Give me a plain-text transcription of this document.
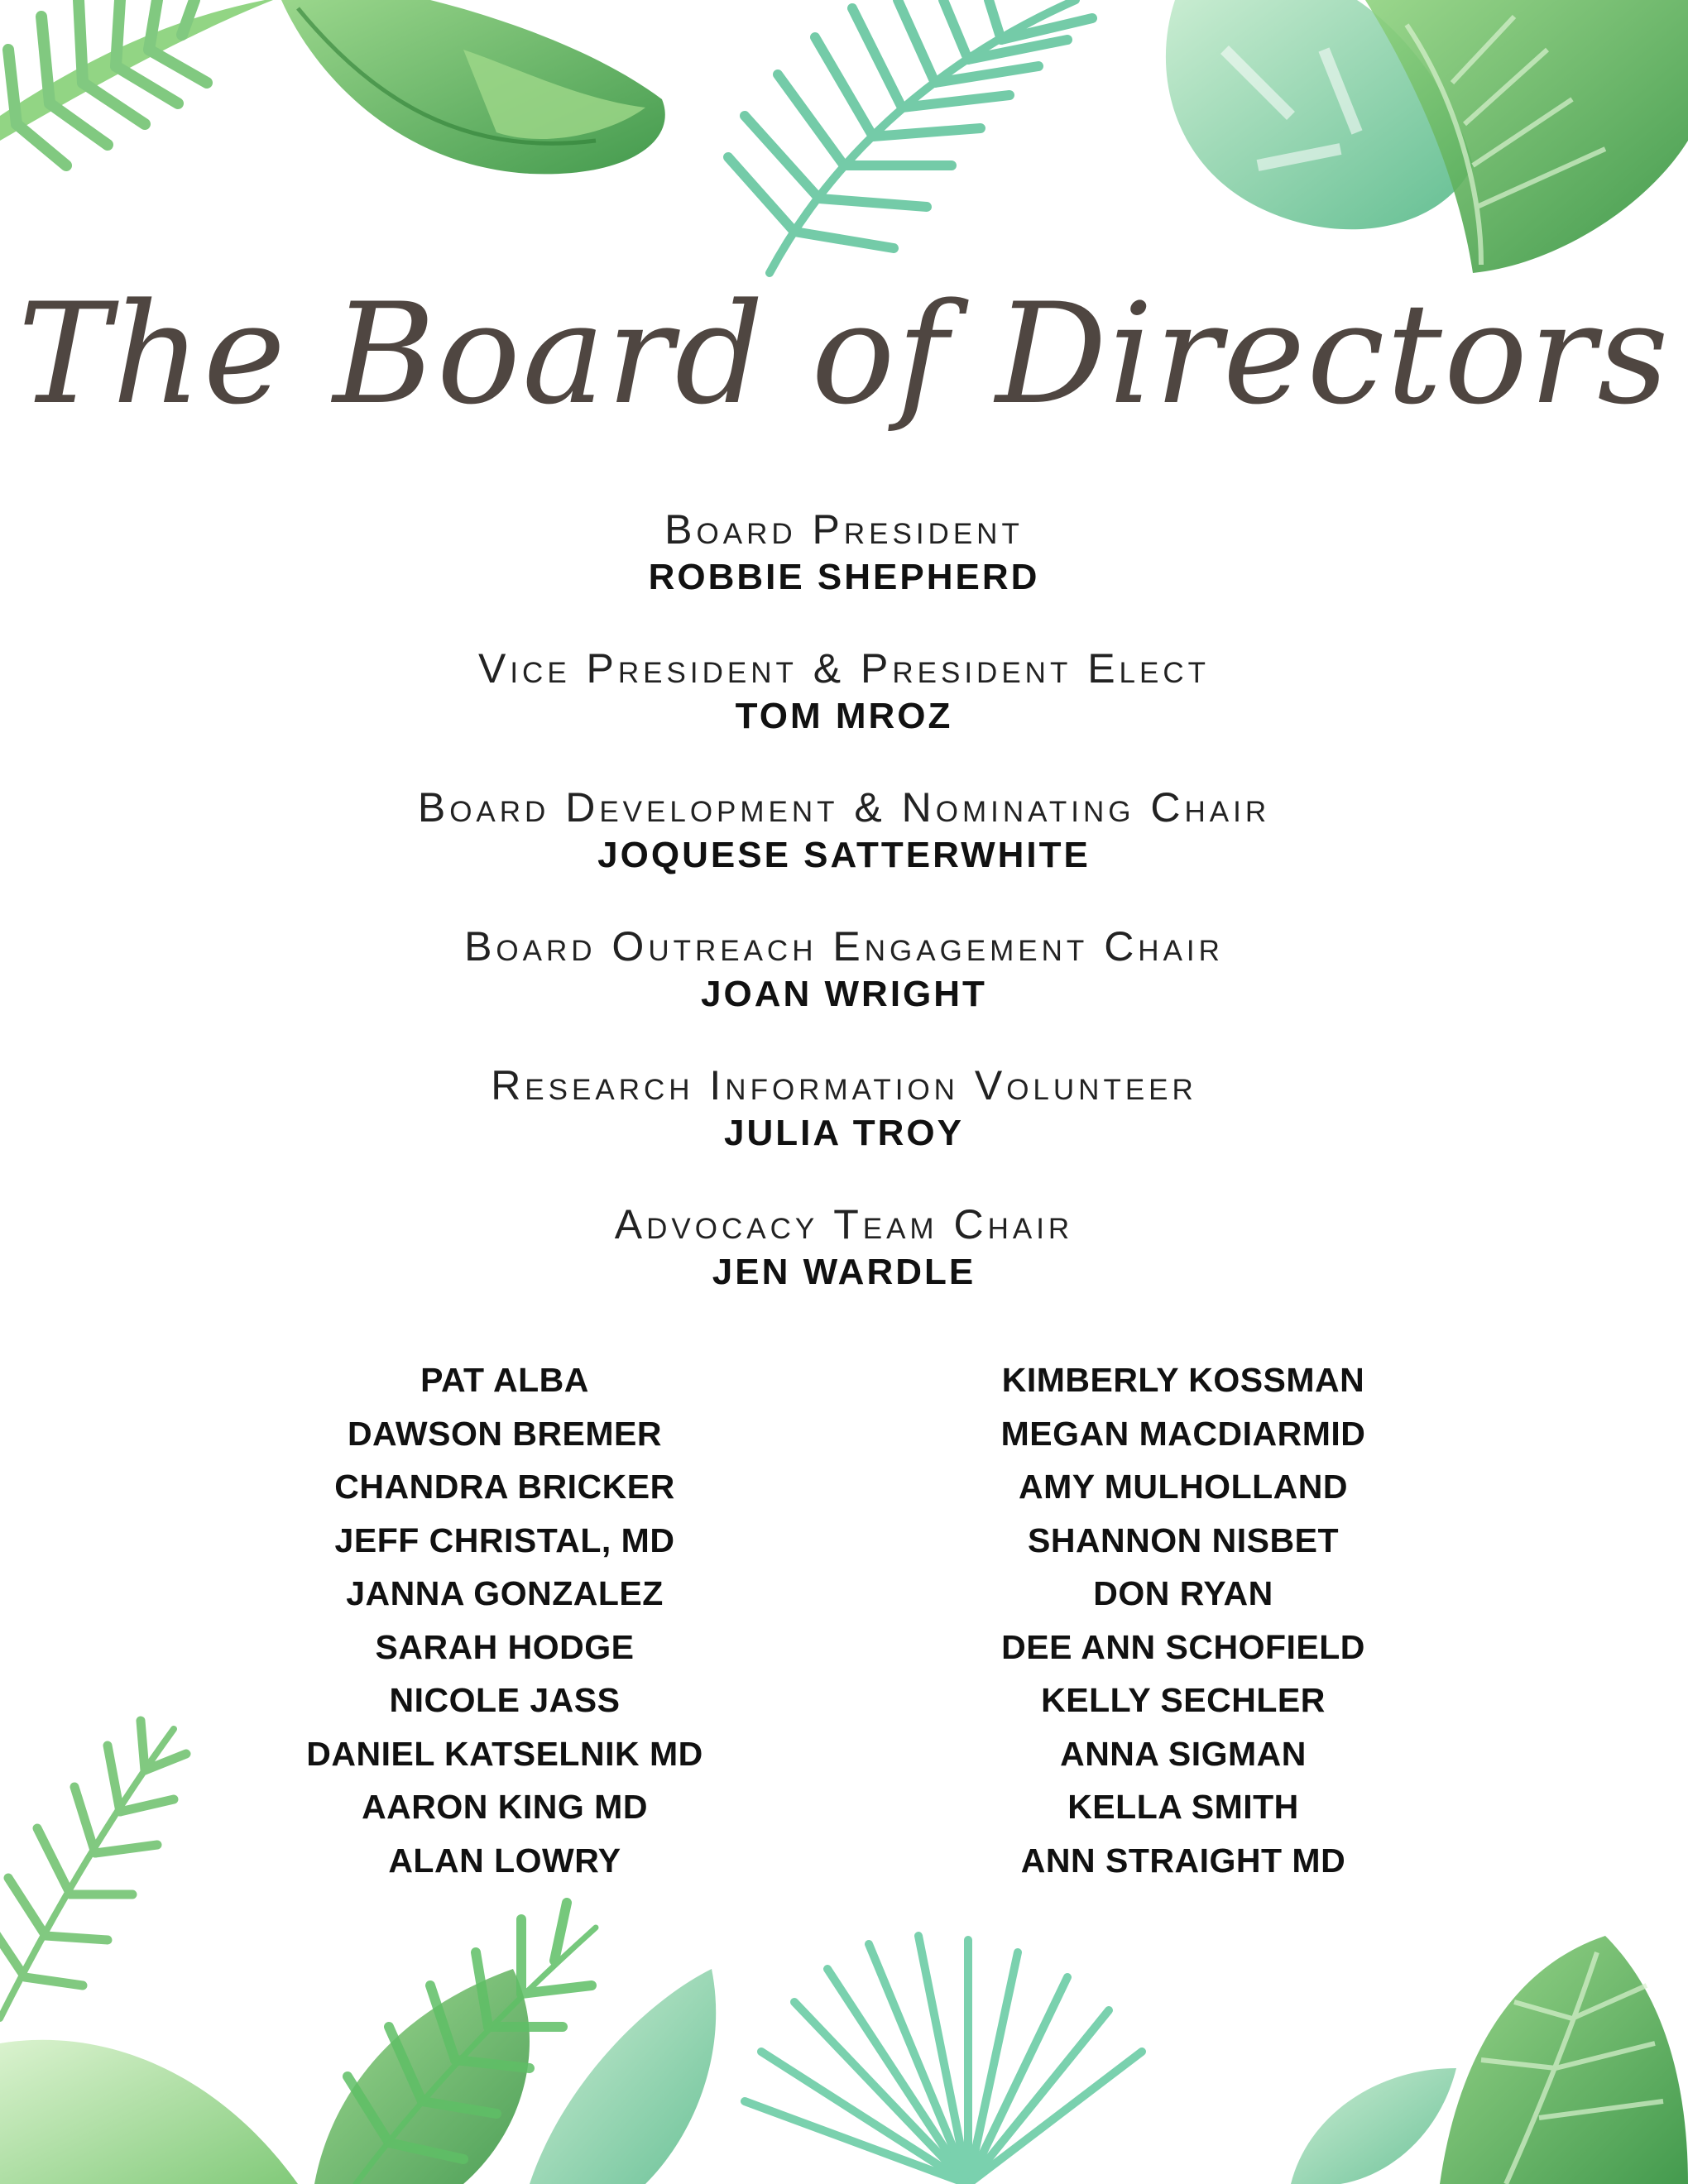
The Board of Directors
Board President
ROBBIE SHEPHERD
Vice President & President Elect
TOM MROZ
Board Development & Nominating Chair
JOQUESE SATTERWHITE
Board Outreach Engagement Chair
JOAN WRIGHT
Research Information Volunteer
JULIA TROY
Advocacy Team Chair
JEN WARDLE
PAT ALBA
DAWSON BREMER
CHANDRA BRICKER
JEFF CHRISTAL, MD
JANNA GONZALEZ
SARAH HODGE
NICOLE JASS
DANIEL KATSELNIK MD
AARON KING MD
ALAN LOWRY
KIMBERLY KOSSMAN
MEGAN MACDIARMID
AMY MULHOLLAND
SHANNON NISBET
DON RYAN
DEE ANN SCHOFIELD
KELLY SECHLER
ANNA SIGMAN
KELLA SMITH
ANN STRAIGHT MD
